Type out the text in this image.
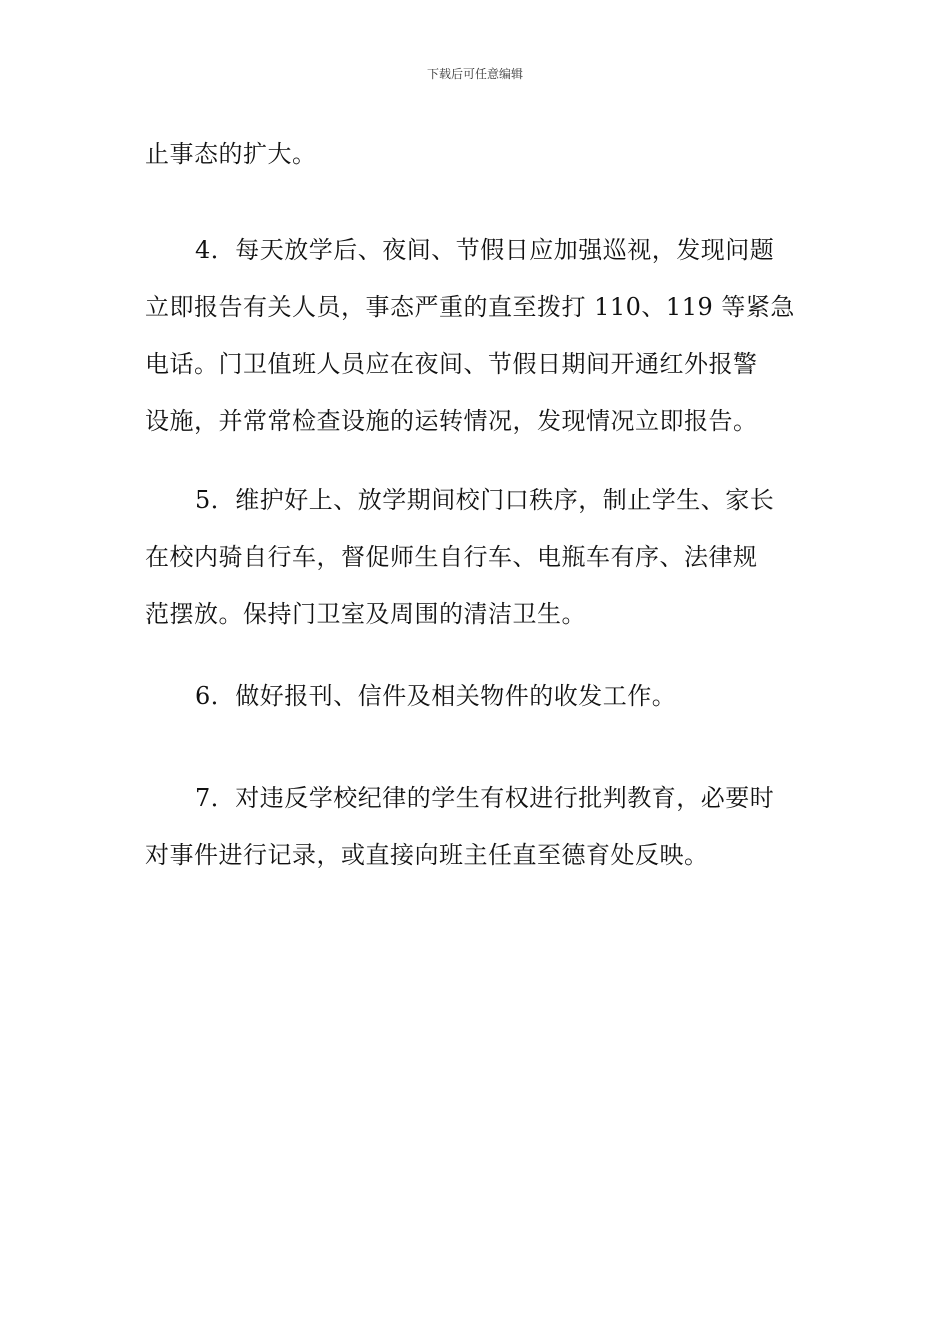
下载后可任意编辑
止事态的扩大。
4．每天放学后、夜间、节假日应加强巡视，发现问题
立即报告有关人员，事态严重的直至拨打 110、119 等紧急
电话。门卫值班人员应在夜间、节假日期间开通红外报警
设施，并常常检查设施的运转情况，发现情况立即报告。
5．维护好上、放学期间校门口秩序，制止学生、家长
在校内骑自行车，督促师生自行车、电瓶车有序、法律规
范摆放。保持门卫室及周围的清洁卫生。
6．做好报刊、信件及相关物件的收发工作。
7．对违反学校纪律的学生有权进行批判教育，必要时
对事件进行记录，或直接向班主任直至德育处反映。
